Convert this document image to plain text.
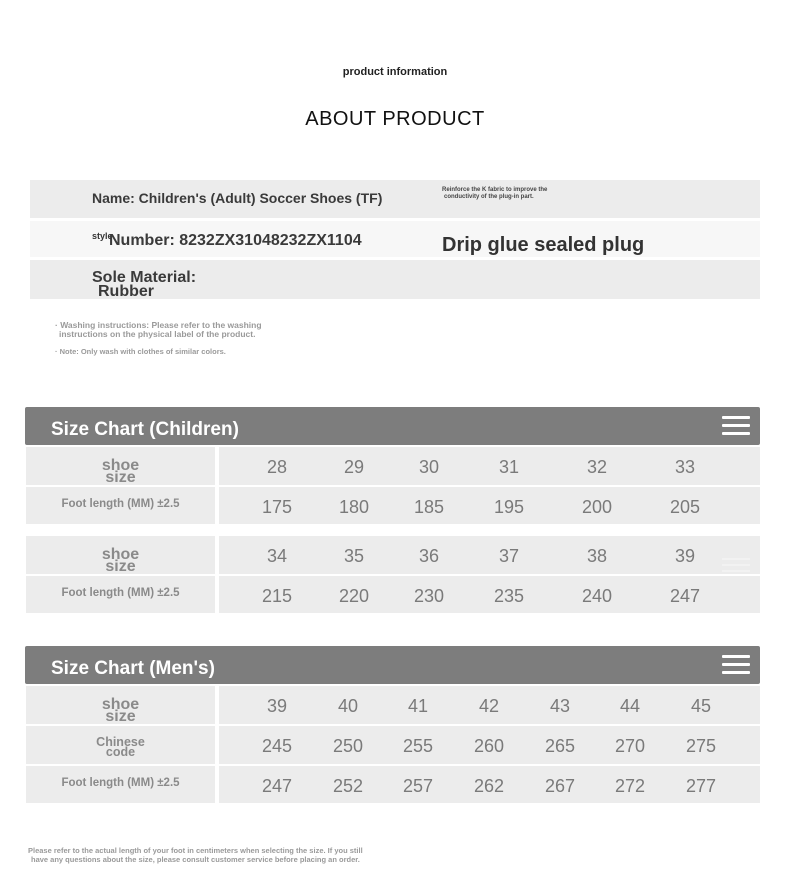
product information
ABOUT PRODUCT
Name: Children's (Adult) Soccer Shoes (TF)
style
Number: 8232ZX31048232ZX1104
Sole Material:
Rubber
Reinforce the K fabric to improve the
conductivity of the plug-in part.
Drip glue sealed plug
· Washing instructions: Please refer to the washing
instructions on the physical label of the product.
· Note: Only wash with clothes of similar colors.
Size Chart (Children)
shoe
size
28	29	30	31	32	33
Foot length (MM) ±2.5	175	180	185	195	200	205
shoe
size
34	35	36	37	38	39
Foot length (MM) ±2.5	215	220	230	235	240	247
Size Chart (Men's)
shoe
size
39	40	41	42	43	44	45
Chinese
code	245	250	255	260	265	270	275
Foot length (MM) ±2.5	247	252	257	262	267	272	277
Please refer to the actual length of your foot in centimeters when selecting the size. If you still
have any questions about the size, please consult customer service before placing an order.
